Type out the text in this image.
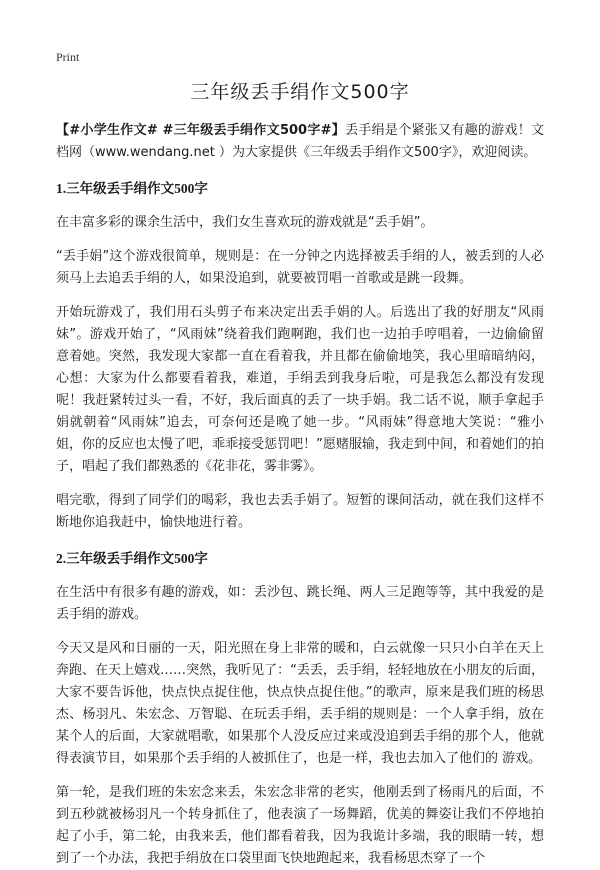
Print
三年级丢手绢作文500字
【#小学生作文# #三年级丢手绢作文500字#】丢手绢是个紧张又有趣的游戏！文档网（www.wendang.net ）为大家提供《三年级丢手绢作文500字》，欢迎阅读。
1.三年级丢手绢作文500字

在丰富多彩的课余生活中，我们女生喜欢玩的游戏就是“丢手娟”。

“丢手娟”这个游戏很简单，规则是：在一分钟之内选择被丢手绢的人，被丢到的人必须马上去追丢手绢的人，如果没追到，就要被罚唱一首歌或是跳一段舞。

开始玩游戏了，我们用石头剪子布来决定出丢手娟的人。后选出了我的好朋友“风雨妹”。游戏开始了，“风雨妹”绕着我们跑啊跑，我们也一边拍手哼唱着，一边偷偷留意着她。突然，我发现大家都一直在看着我，并且都在偷偷地笑，我心里暗暗纳闷，心想：大家为什么都要看着我，难道，手绢丢到我身后啦，可是我怎么都没有发现呢！我赶紧转过头一看，不好，我后面真的丢了一块手娟。我二话不说，顺手拿起手娟就朝着“风雨妹”追去，可奈何还是晚了她一步。“风雨妹”得意地大笑说：“雅小姐，你的反应也太慢了吧，乖乖接受惩罚吧！”愿赌服输，我走到中间，和着她们的拍子，唱起了我们都熟悉的《花非花，雾非雾》。

唱完歌，得到了同学们的喝彩，我也去丢手娟了。短暂的课间活动，就在我们这样不断地你追我赶中，愉快地进行着。

2.三年级丢手绢作文500字

在生活中有很多有趣的游戏，如：丢沙包、跳长绳、两人三足跑等等，其中我爱的是丢手绢的游戏。

今天又是风和日丽的一天，阳光照在身上非常的暖和，白云就像一只只小白羊在天上奔跑、在天上嬉戏……突然，我听见了：“丢丢，丢手绢，轻轻地放在小朋友的后面，大家不要告诉他，快点快点捉住他，快点快点捉住他。”的歌声，原来是我们班的杨思杰、杨羽凡、朱宏念、万智聪、在玩丢手绢，丢手绢的规则是：一个人拿手绢，放在某个人的后面，大家就唱歌，如果那个人没反应过来或没追到丢手绢的那个人，他就得表演节目，如果那个丢手绢的人被抓住了，也是一样，我也去加入了他们的 游戏。

第一轮，是我们班的朱宏念来丢，朱宏念非常的老实，他刚丢到了杨雨凡的后面，不到五秒就被杨羽凡一个转身抓住了，他表演了一场舞蹈，优美的舞姿让我们不停地拍起了小手，第二轮，由我来丢，他们都看着我，因为我诡计多端，我的眼睛一转，想到了一个办法，我把手绢放在口袋里面飞快地跑起来，我看杨思杰穿了一个
